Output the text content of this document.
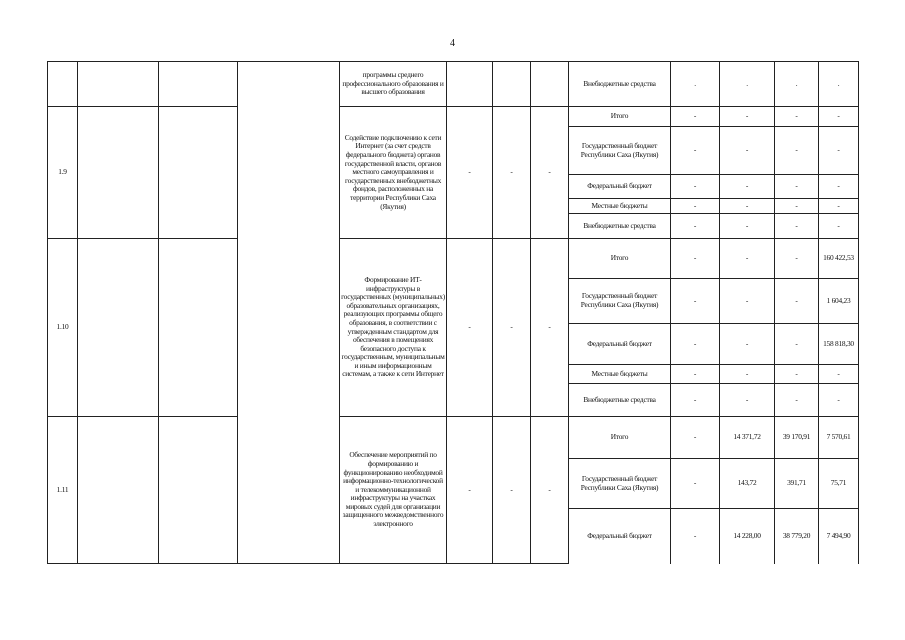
4
				программы среднего профессионального образования и высшего образования				Внебюджетные средства	.	.	.	.
1.9				Содействие подключению к сети Интернет (за счет средств федерального бюджета) органов государственной власти, органов местного самоуправления и государственных внебюджетных фондов, расположенных на территории Республики Саха (Якутия)	-	-	-	Итого	-	-	-	-
								Государственный бюджет Республики Саха (Якутия)	-	-	-	-
								Федеральный бюджет	-	-	-	-
								Местные бюджеты	-	-	-	-
								Внебюджетные средства	-	-	-	-
1.10				Формирование ИТ-инфраструктуры в государственных (муниципальных) образовательных организациях, реализующих программы общего образования, в соответствии с утвержденным стандартом для обеспечения в помещениях безопасного доступа к государственным, муниципальным и иным информационным системам, а также к сети Интернет	-	-	-	Итого	-	-	-	160 422,53
								Государственный бюджет Республики Саха (Якутия)	-	-	-	1 604,23
								Федеральный бюджет	-	-	-	158 818,30
								Местные бюджеты	-	-	-	-
								Внебюджетные средства	-	-	-	-
1.11				Обеспечение мероприятий по формированию и функционированию необходимой информационно-технологической и телекоммуникационной инфраструктуры на участках мировых судей для организации защищенного межведомственного электронного	-	-	-	Итого	-	14 371,72	39 170,91	7 570,61
								Государственный бюджет Республики Саха (Якутия)	-	143,72	391,71	75,71
								Федеральный бюджет	-	14 228,00	38 779,20	7 494,90
